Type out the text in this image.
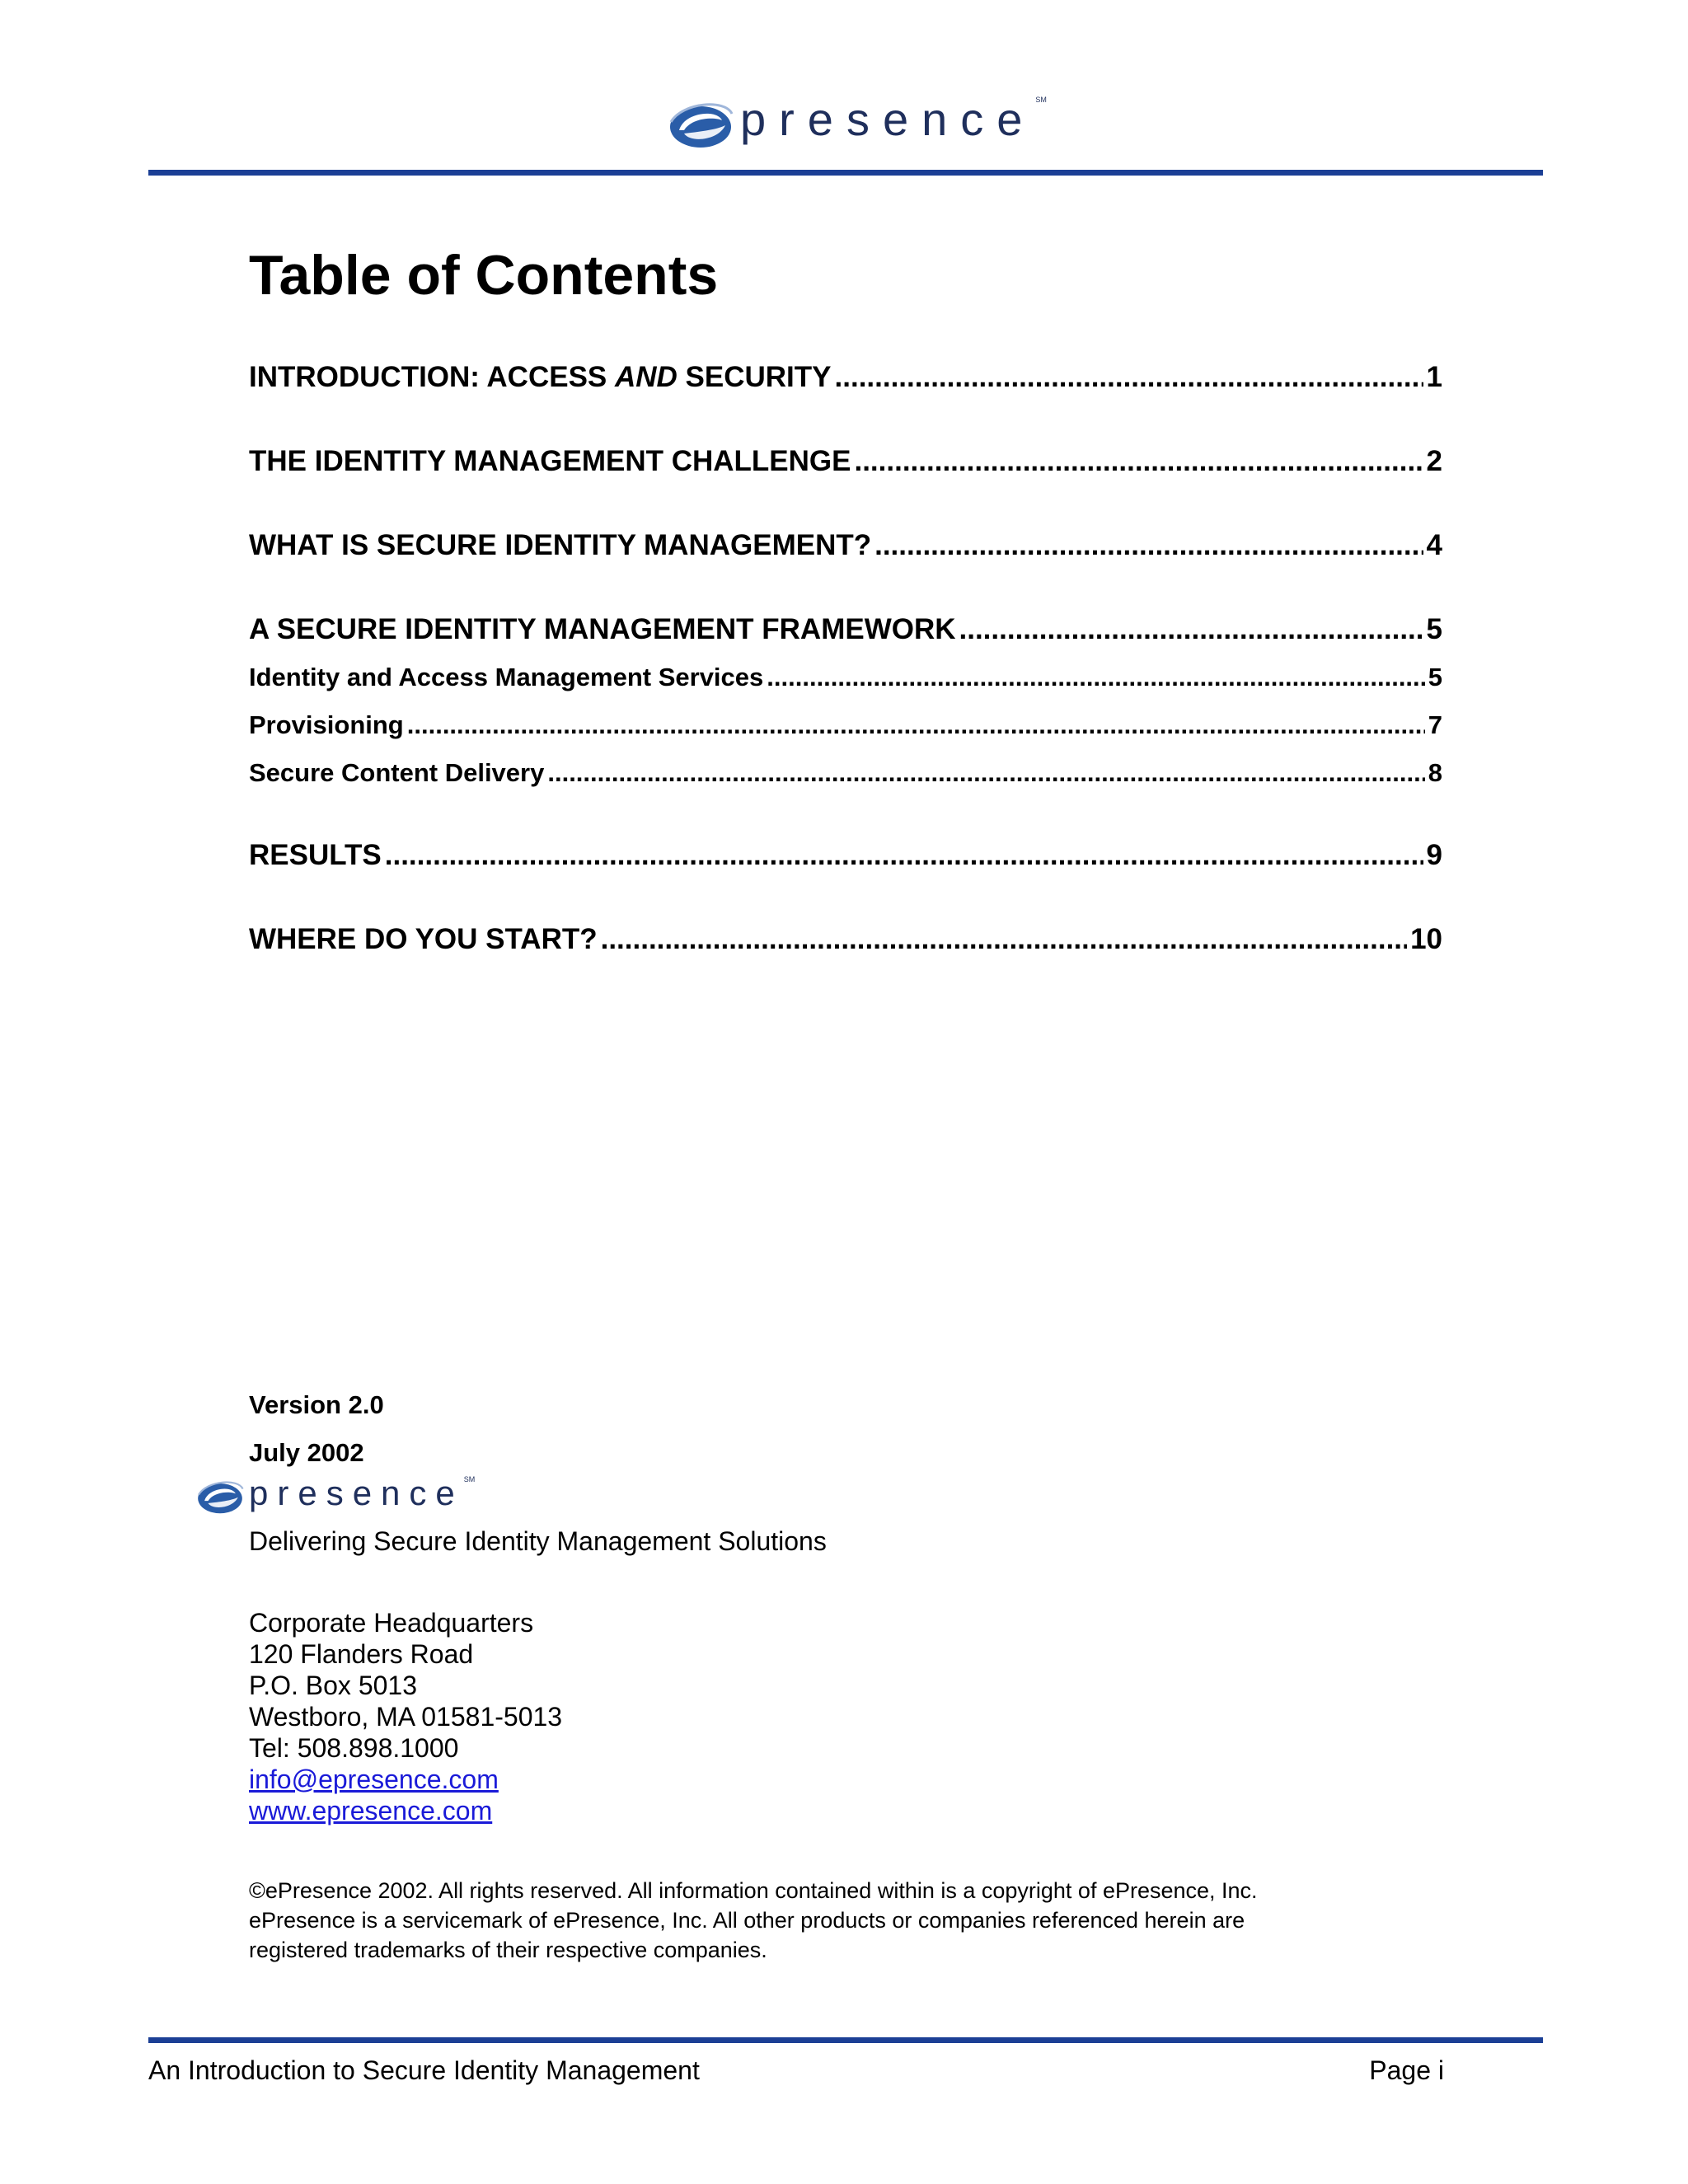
presence℠
Table of Contents
INTRODUCTION: ACCESS AND SECURITY .....	1
THE IDENTITY MANAGEMENT CHALLENGE .....	2
WHAT IS SECURE IDENTITY MANAGEMENT? .....	4
A SECURE IDENTITY MANAGEMENT FRAMEWORK .....	5
Identity and Access Management Services .....	5
Provisioning .....	7
Secure Content Delivery .....	8
RESULTS .....	9
WHERE DO YOU START? .....	10
Version 2.0
July 2002
presence℠
Delivering Secure Identity Management Solutions
Corporate Headquarters
120 Flanders Road
P.O. Box 5013
Westboro, MA 01581-5013
Tel: 508.898.1000
info@epresence.com
www.epresence.com
©ePresence 2002. All rights reserved. All information contained within is a copyright of ePresence, Inc.
ePresence is a servicemark of ePresence, Inc. All other products or companies referenced herein are
registered trademarks of their respective companies.
An Introduction to Secure Identity Management	Page i
